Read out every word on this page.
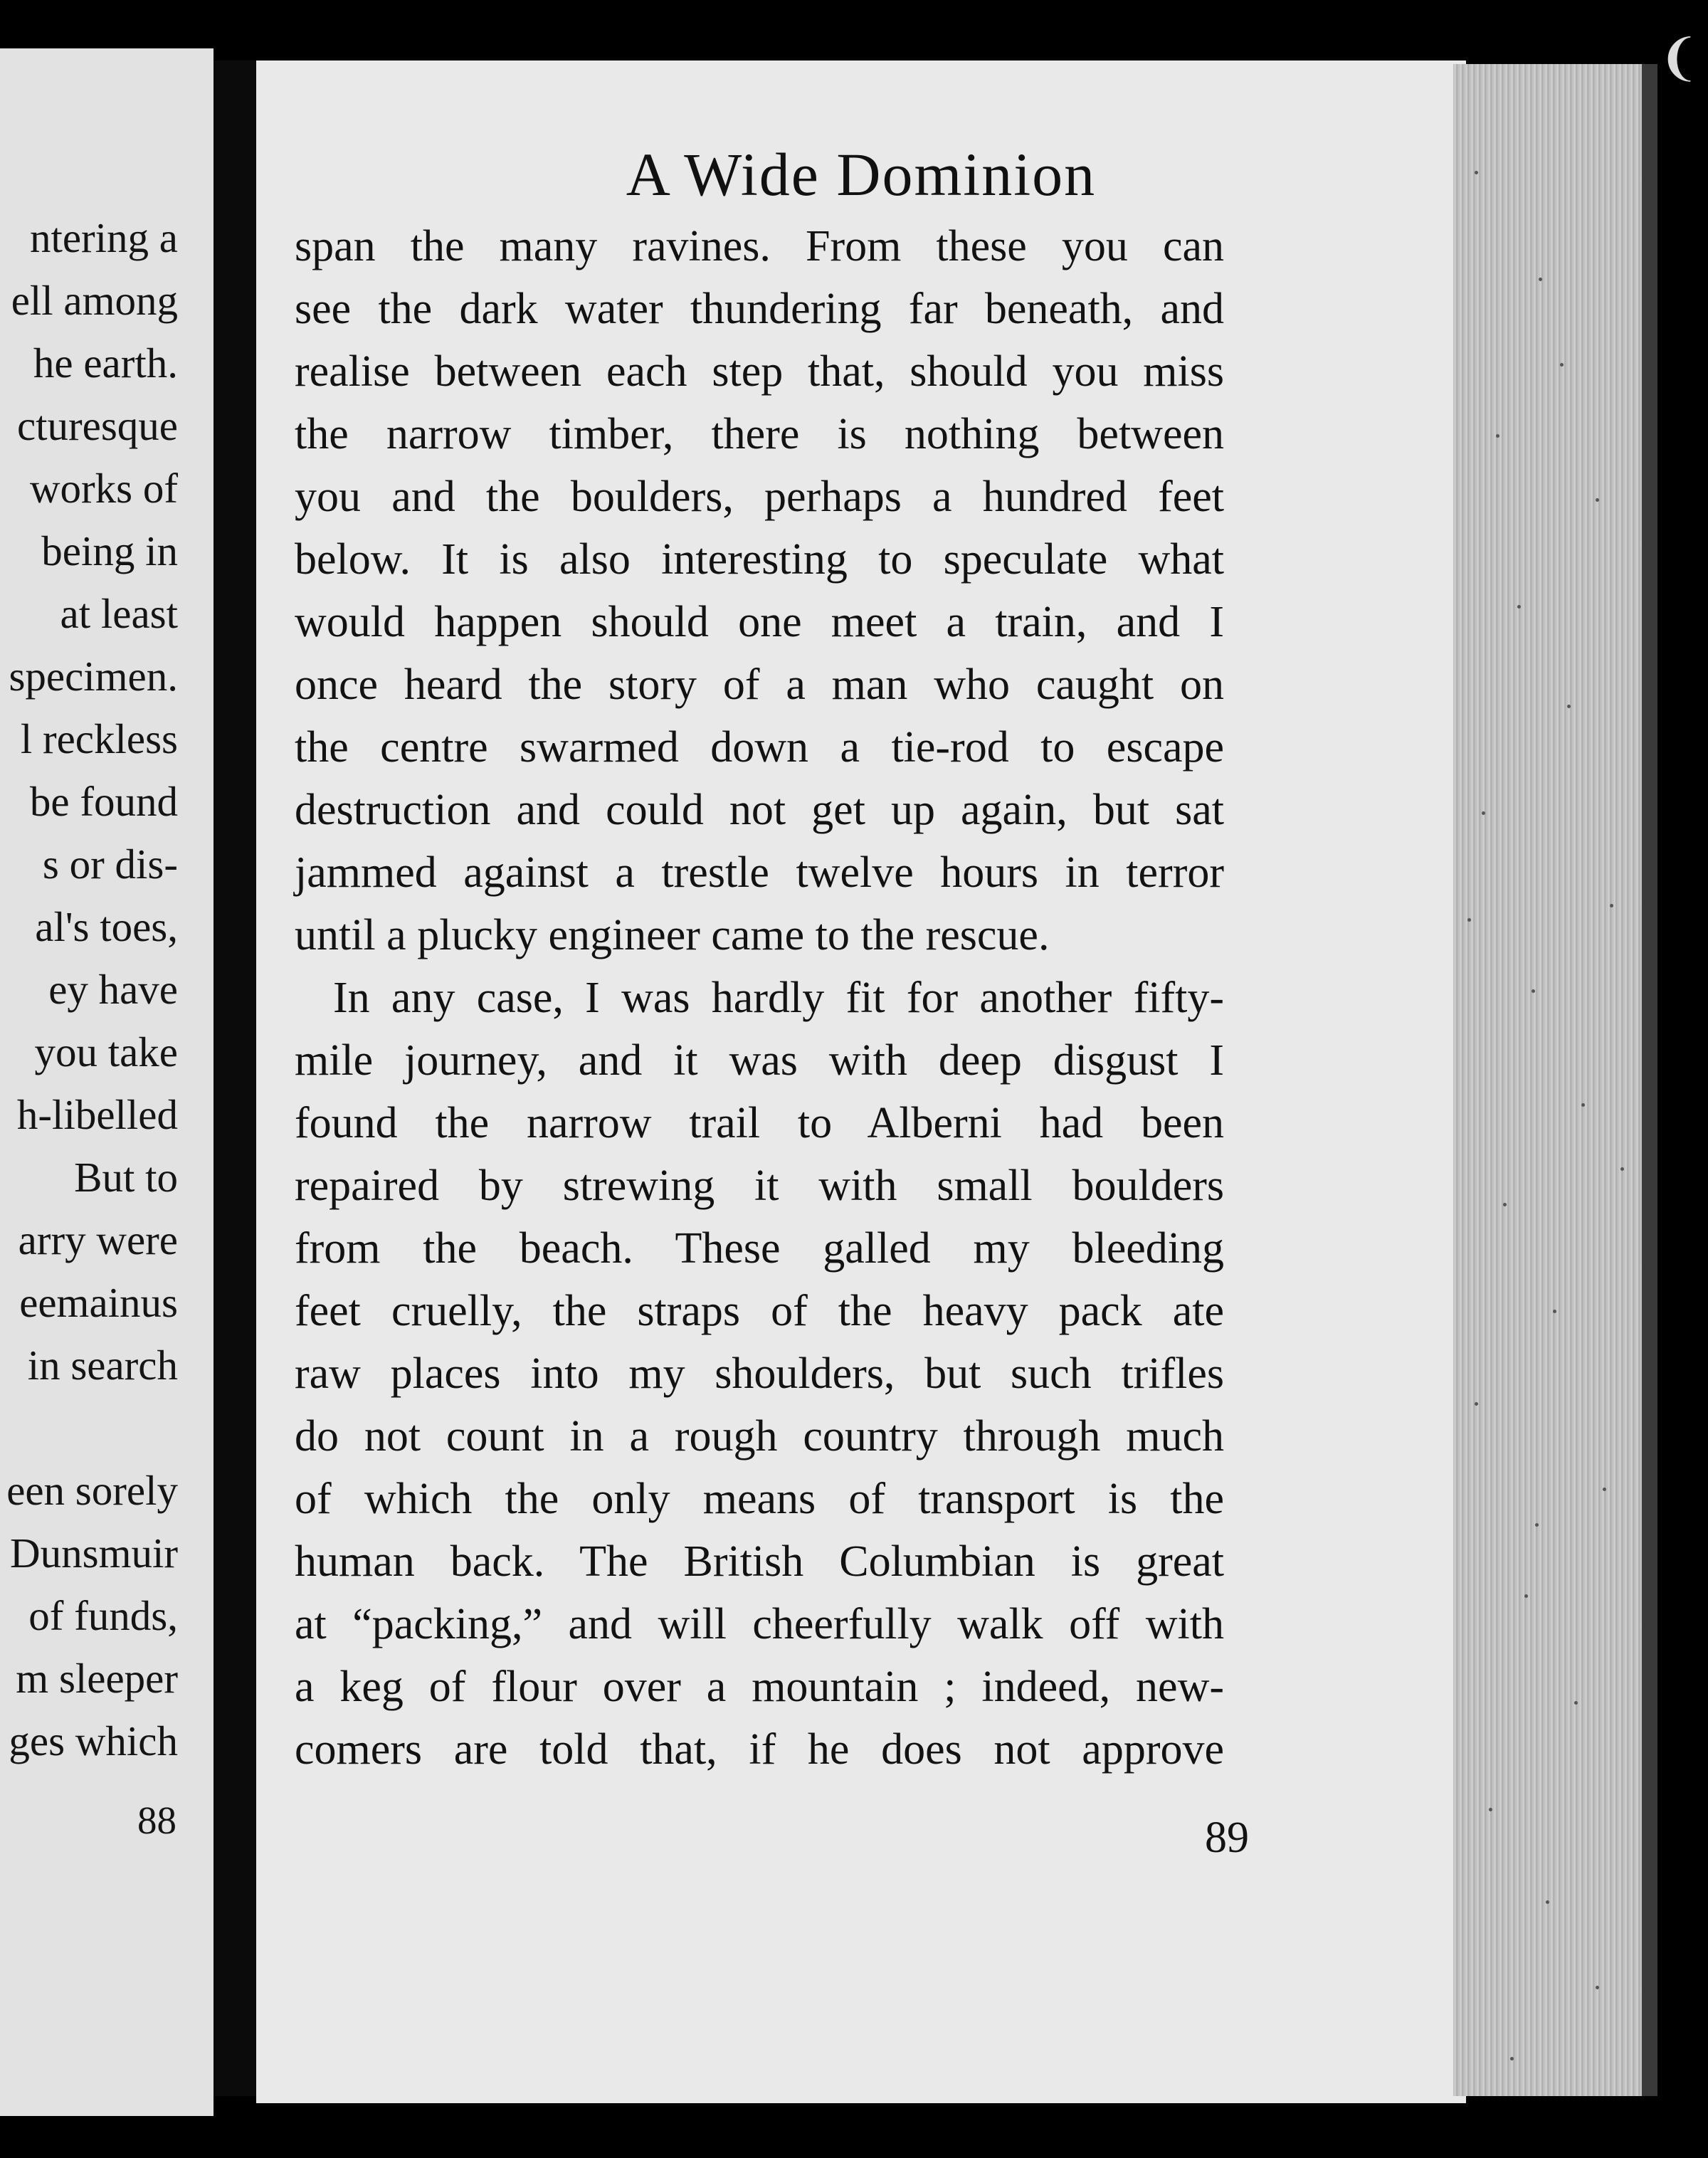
ntering a
ell among
he earth.
cturesque
works of
being in
at least
specimen.
l reckless
be found
s or dis-
al's toes,
ey have
you take
h-libelled
But to
arry were
eemainus
in search
een sorely
Dunsmuir
of funds,
m sleeper
ges which
88
A Wide Dominion
span the many ravines. From these you can
see the dark water thundering far beneath, and
realise between each step that, should you miss
the narrow timber, there is nothing between
you and the boulders, perhaps a hundred feet
below. It is also interesting to speculate what
would happen should one meet a train, and I
once heard the story of a man who caught on
the centre swarmed down a tie-rod to escape
destruction and could not get up again, but sat
jammed against a trestle twelve hours in terror
until a plucky engineer came to the rescue.
In any case, I was hardly fit for another fifty-
mile journey, and it was with deep disgust I
found the narrow trail to Alberni had been
repaired by strewing it with small boulders
from the beach. These galled my bleeding
feet cruelly, the straps of the heavy pack ate
raw places into my shoulders, but such trifles
do not count in a rough country through much
of which the only means of transport is the
human back. The British Columbian is great
at “packing,” and will cheerfully walk off with
a keg of flour over a mountain ; indeed, new-
comers are told that, if he does not approve
89
❨
